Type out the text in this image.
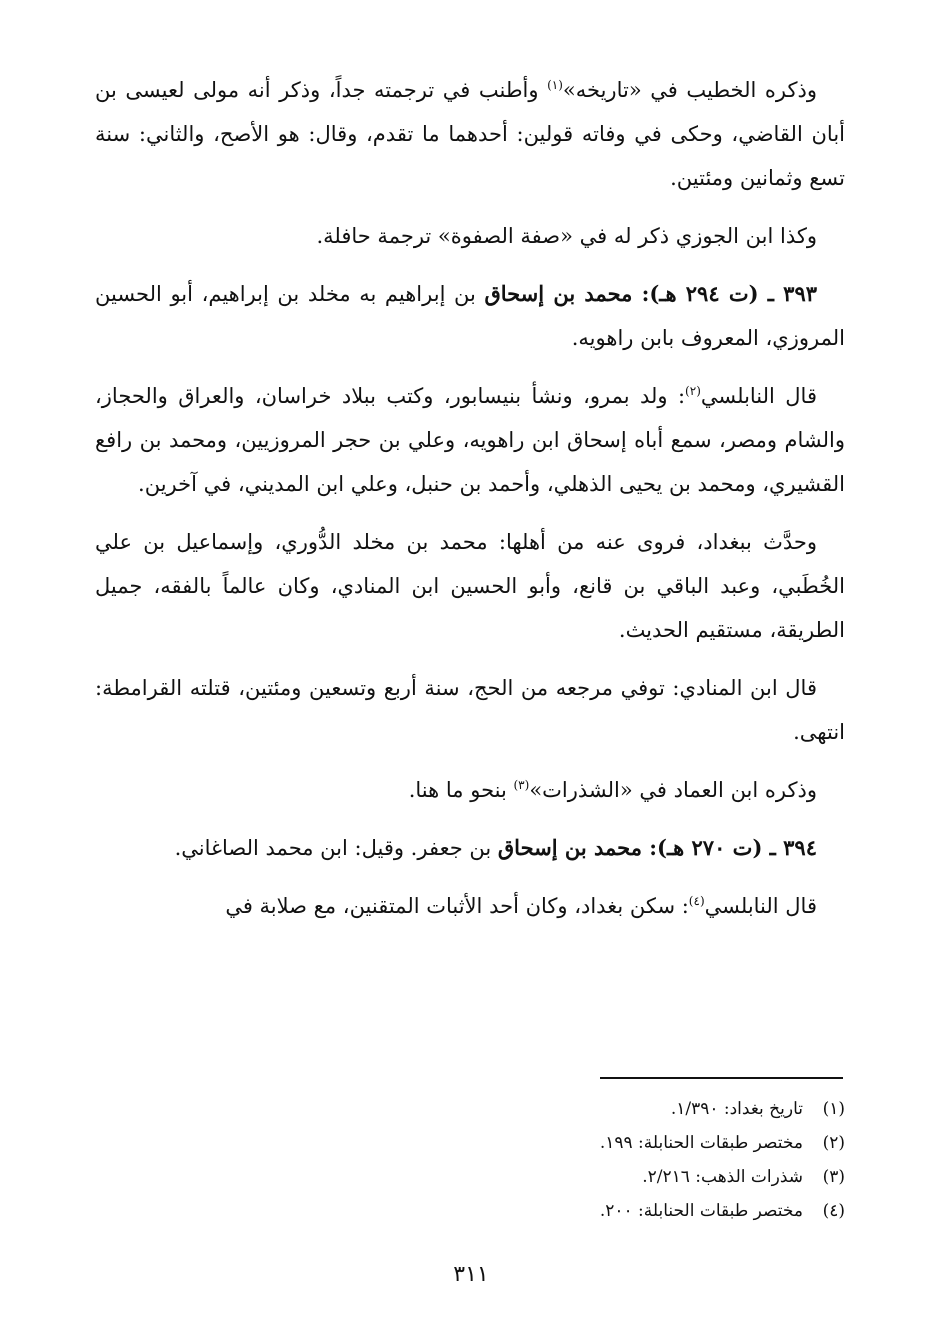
وذكره الخطيب في «تاريخه»$^{(١)}$ وأطنب في ترجمته جداً، وذكر أنه مولى لعيسى بن أبان القاضي، وحكى في وفاته قولين: أحدهما ما تقدم، وقال: هو الأصح، والثاني: سنة تسع وثمانين ومئتين.

وكذا ابن الجوزي ذكر له في «صفة الصفوة» ترجمة حافلة.

٣٩٣ ـ (ت ٢٩٤ هـ): محمد بن إسحاق بن إبراهيم به مخلد بن إبراهيم، أبو الحسين المروزي، المعروف بابن راهويه.

قال النابلسي$^{(٢)}$: ولد بمرو، ونشأ بنيسابور، وكتب ببلاد خراسان، والعراق والحجاز، والشام ومصر، سمع أباه إسحاق ابن راهويه، وعلي بن حجر المروزيين، ومحمد بن رافع القشيري، ومحمد بن يحيى الذهلي، وأحمد بن حنبل، وعلي ابن المديني، في آخرين.

وحدَّث ببغداد، فروى عنه من أهلها: محمد بن مخلد الدُّوري، وإسماعيل بن علي الخُطَبي، وعبد الباقي بن قانع، وأبو الحسين ابن المنادي، وكان عالماً بالفقه، جميل الطريقة، مستقيم الحديث.

قال ابن المنادي: توفي مرجعه من الحج، سنة أربع وتسعين ومئتين، قتلته القرامطة: انتهى.

وذكره ابن العماد في «الشذرات»$^{(٣)}$ بنحو ما هنا.

٣٩٤ ـ (ت ٢٧٠ هـ): محمد بن إسحاق بن جعفر. وقيل: ابن محمد الصاغاني.

قال النابلسي$^{(٤)}$: سكن بغداد، وكان أحد الأثبات المتقنين، مع صلابة في

(١)
تاريخ بغداد: ١/٣٩٠.
(٢)
مختصر طبقات الحنابلة: ١٩٩.
(٣)
شذرات الذهب: ٢/٢١٦.
(٤)
مختصر طبقات الحنابلة: ٢٠٠.
٣١١
